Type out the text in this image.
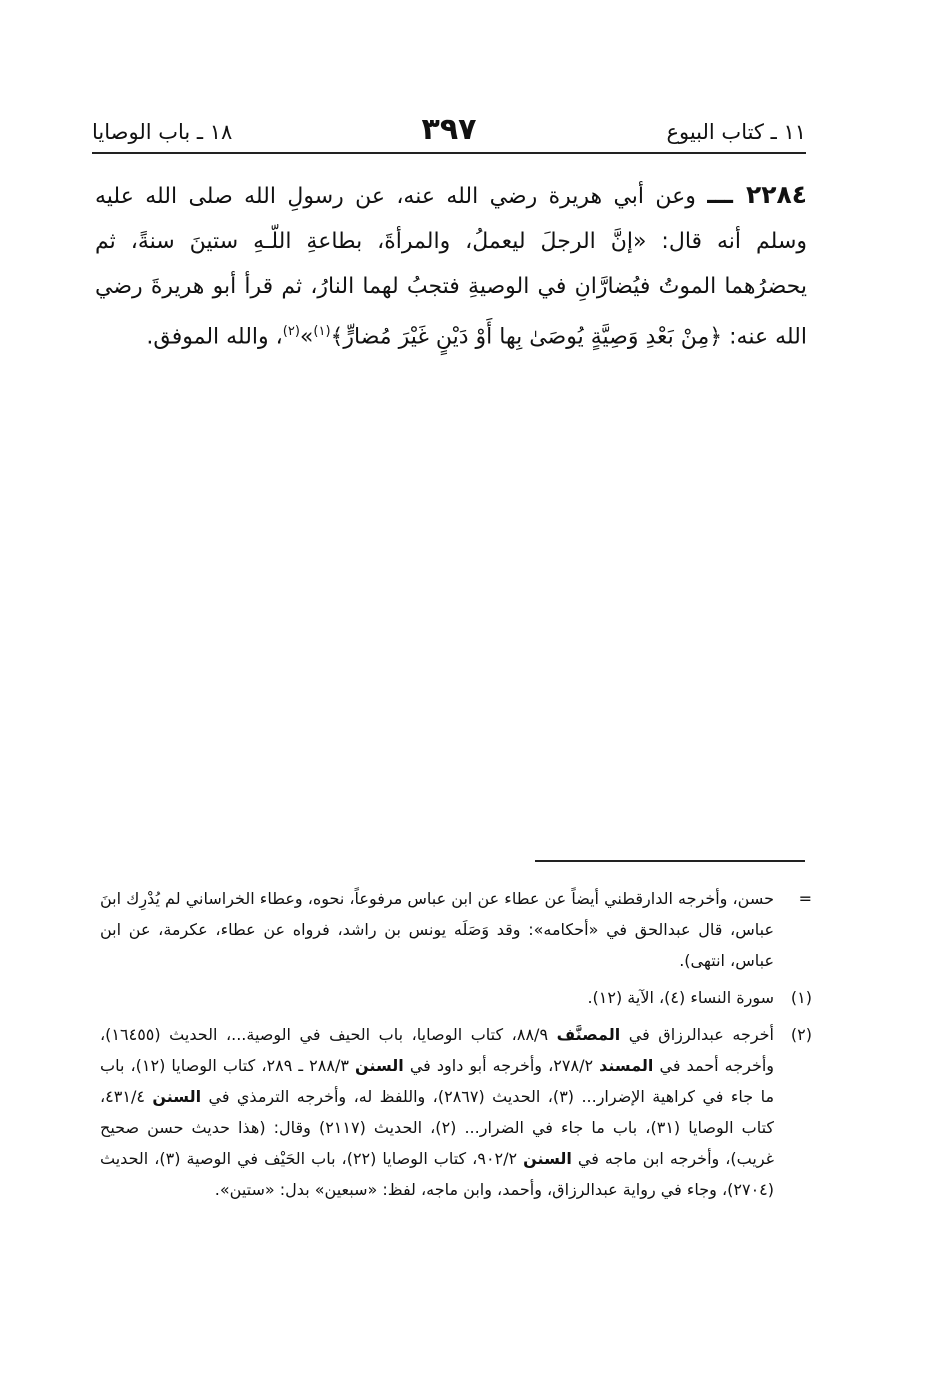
١١ ـ كتاب البيوع
٣٩٧
١٨ ـ باب الوصايا
٢٢٨٤ ـــ وعن أبي هريرة رضي الله عنه، عن رسولِ الله صلى الله عليه وسلم أنه قال: «إنَّ الرجلَ ليعملُ، والمرأةَ، بطاعةِ اللّـهِ ستينَ سنةً، ثم يحضرُهما الموتُ فيُضارَّانِ في الوصيةِ فتجبُ لهما النارُ، ثم قرأ أبو هريرةَ رضي الله عنه: ﴿مِنْ بَعْدِ وَصِيَّةٍ يُوصَىٰ بِها أَوْ دَيْنٍ غَيْرَ مُضارٍّ﴾$^{(١)}$»$^{(٢)}$، والله الموفق.

=
حسن، وأخرجه الدارقطني أيضاً عن عطاء عن ابن عباس مرفوعاً، نحوه، وعطاء الخراساني لم يُدْرِك ابنَ عباس، قال عبدالحق في «أحكامه»: وقد وَصَلَه يونس بن راشد، فرواه عن عطاء، عكرمة، عن ابن عباس، انتهى).

(١)
سورة النساء (٤)، الآية (١٢).

(٢)
أخرجه عبدالرزاق في المصنَّف ٨٨/٩، كتاب الوصايا، باب الحيف في الوصية...، الحديث (١٦٤٥٥)، وأخرجه أحمد في المسند ٢٧٨/٢، وأخرجه أبو داود في السنن ٢٨٨/٣ ـ ٢٨٩، كتاب الوصايا (١٢)، باب ما جاء في كراهية الإضرار... (٣)، الحديث (٢٨٦٧)، واللفظ له، وأخرجه الترمذي في السنن ٤٣١/٤، كتاب الوصايا (٣١)، باب ما جاء في الضرار... (٢)، الحديث (٢١١٧) وقال: (هذا حديث حسن صحيح غريب)، وأخرجه ابن ماجه في السنن ٩٠٢/٢، كتاب الوصايا (٢٢)، باب الحَيْف في الوصية (٣)، الحديث (٢٧٠٤)، وجاء في رواية عبدالرزاق، وأحمد، وابن ماجه، لفظ: «سبعين» بدل: «ستين».
